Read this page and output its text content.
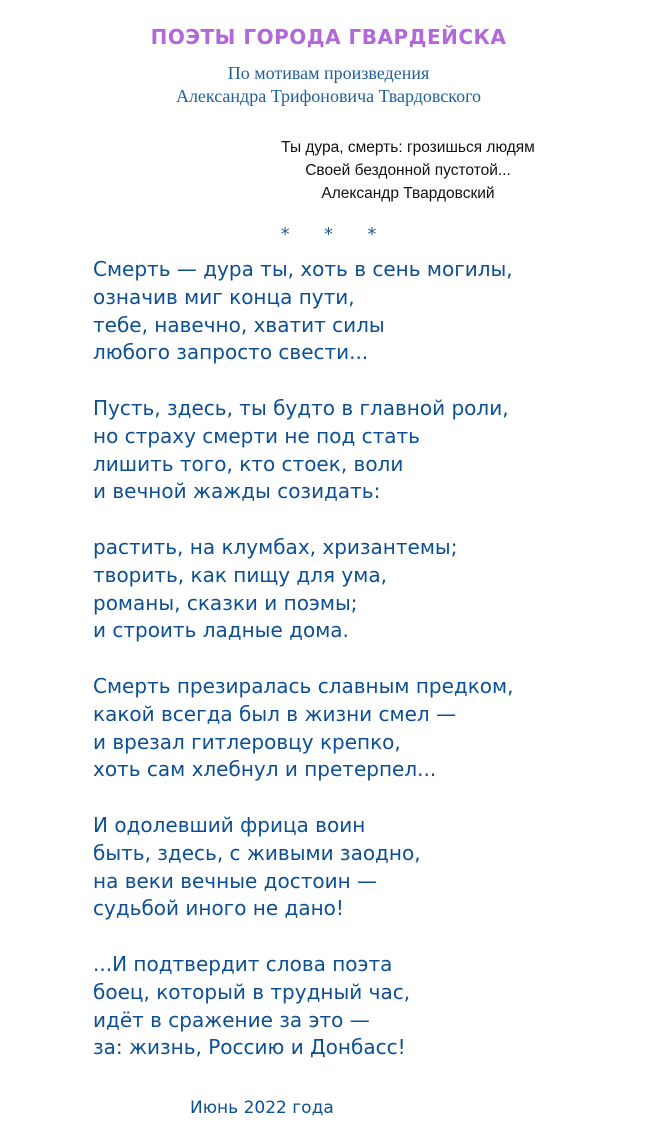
ПОЭТЫ ГОРОДА ГВАРДЕЙСКА
По мотивам произведения
Александра Трифоновича Твардовского
Ты дура, смерть: грозишься людям
Своей бездонной пустотой...
Александр Твардовский
*      *      *
Смерть — дура ты, хоть в сень могилы,
означив миг конца пути,
тебе, навечно, хватит силы
любого запросто свести...
Пусть, здесь, ты будто в главной роли,
но страху смерти не под стать
лишить того, кто стоек, воли
и вечной жажды созидать:
растить, на клумбах, хризантемы;
творить, как пищу для ума,
романы, сказки и поэмы;
и строить ладные дома.
Смерть презиралась славным предком,
какой всегда был в жизни смел —
и врезал гитлеровцу крепко,
хоть сам хлебнул и претерпел...
И одолевший фрица воин
быть, здесь, с живыми заодно,
на веки вечные достоин —
судьбой иного не дано!
...И подтвердит слова поэта
боец, который в трудный час,
идёт в сражение за это —
за: жизнь, Россию и Донбасс!
Июнь 2022 года
